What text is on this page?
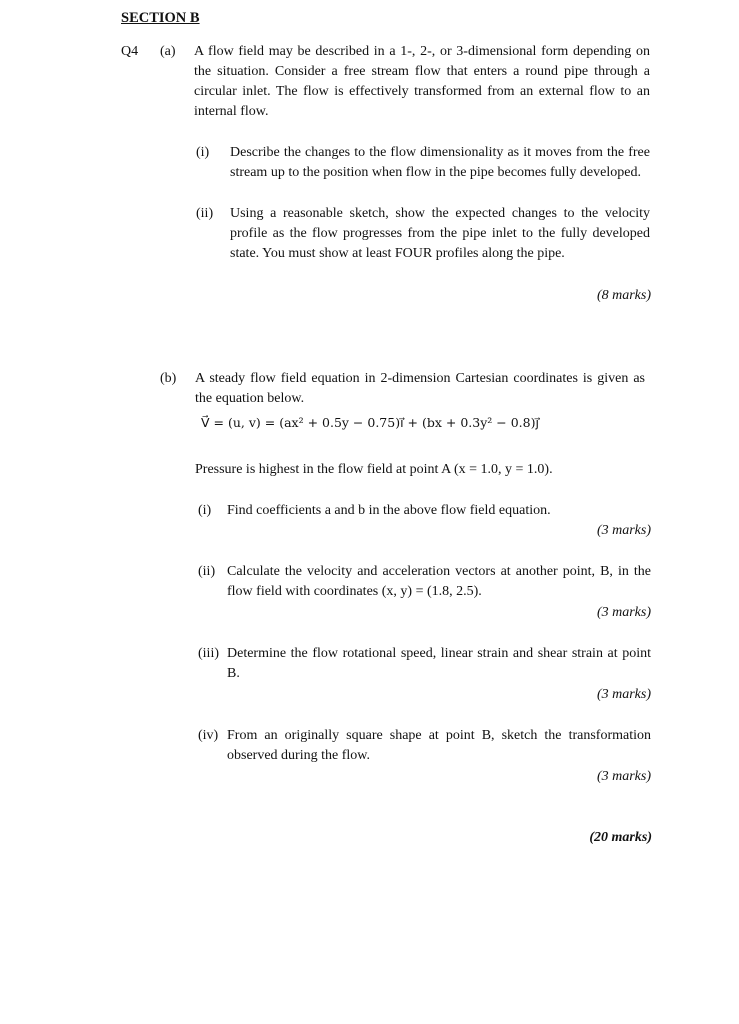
SECTION B
Q4 (a) A flow field may be described in a 1-, 2-, or 3-dimensional form depending on the situation. Consider a free stream flow that enters a round pipe through a circular inlet. The flow is effectively transformed from an external flow to an internal flow.
(i) Describe the changes to the flow dimensionality as it moves from the free stream up to the position when flow in the pipe becomes fully developed.
(ii) Using a reasonable sketch, show the expected changes to the velocity profile as the flow progresses from the pipe inlet to the fully developed state. You must show at least FOUR profiles along the pipe.
(8 marks)
(b) A steady flow field equation in 2-dimension Cartesian coordinates is given as the equation below.
V⃗ = (u, v) = (ax² + 0.5y − 0.75)i⃗ + (bx + 0.3y² − 0.8)j⃗
Pressure is highest in the flow field at point A (x = 1.0, y = 1.0).
(i) Find coefficients a and b in the above flow field equation.
(3 marks)
(ii) Calculate the velocity and acceleration vectors at another point, B, in the flow field with coordinates (x, y) = (1.8, 2.5).
(3 marks)
(iii) Determine the flow rotational speed, linear strain and shear strain at point B.
(3 marks)
(iv) From an originally square shape at point B, sketch the transformation observed during the flow.
(3 marks)
(20 marks)
